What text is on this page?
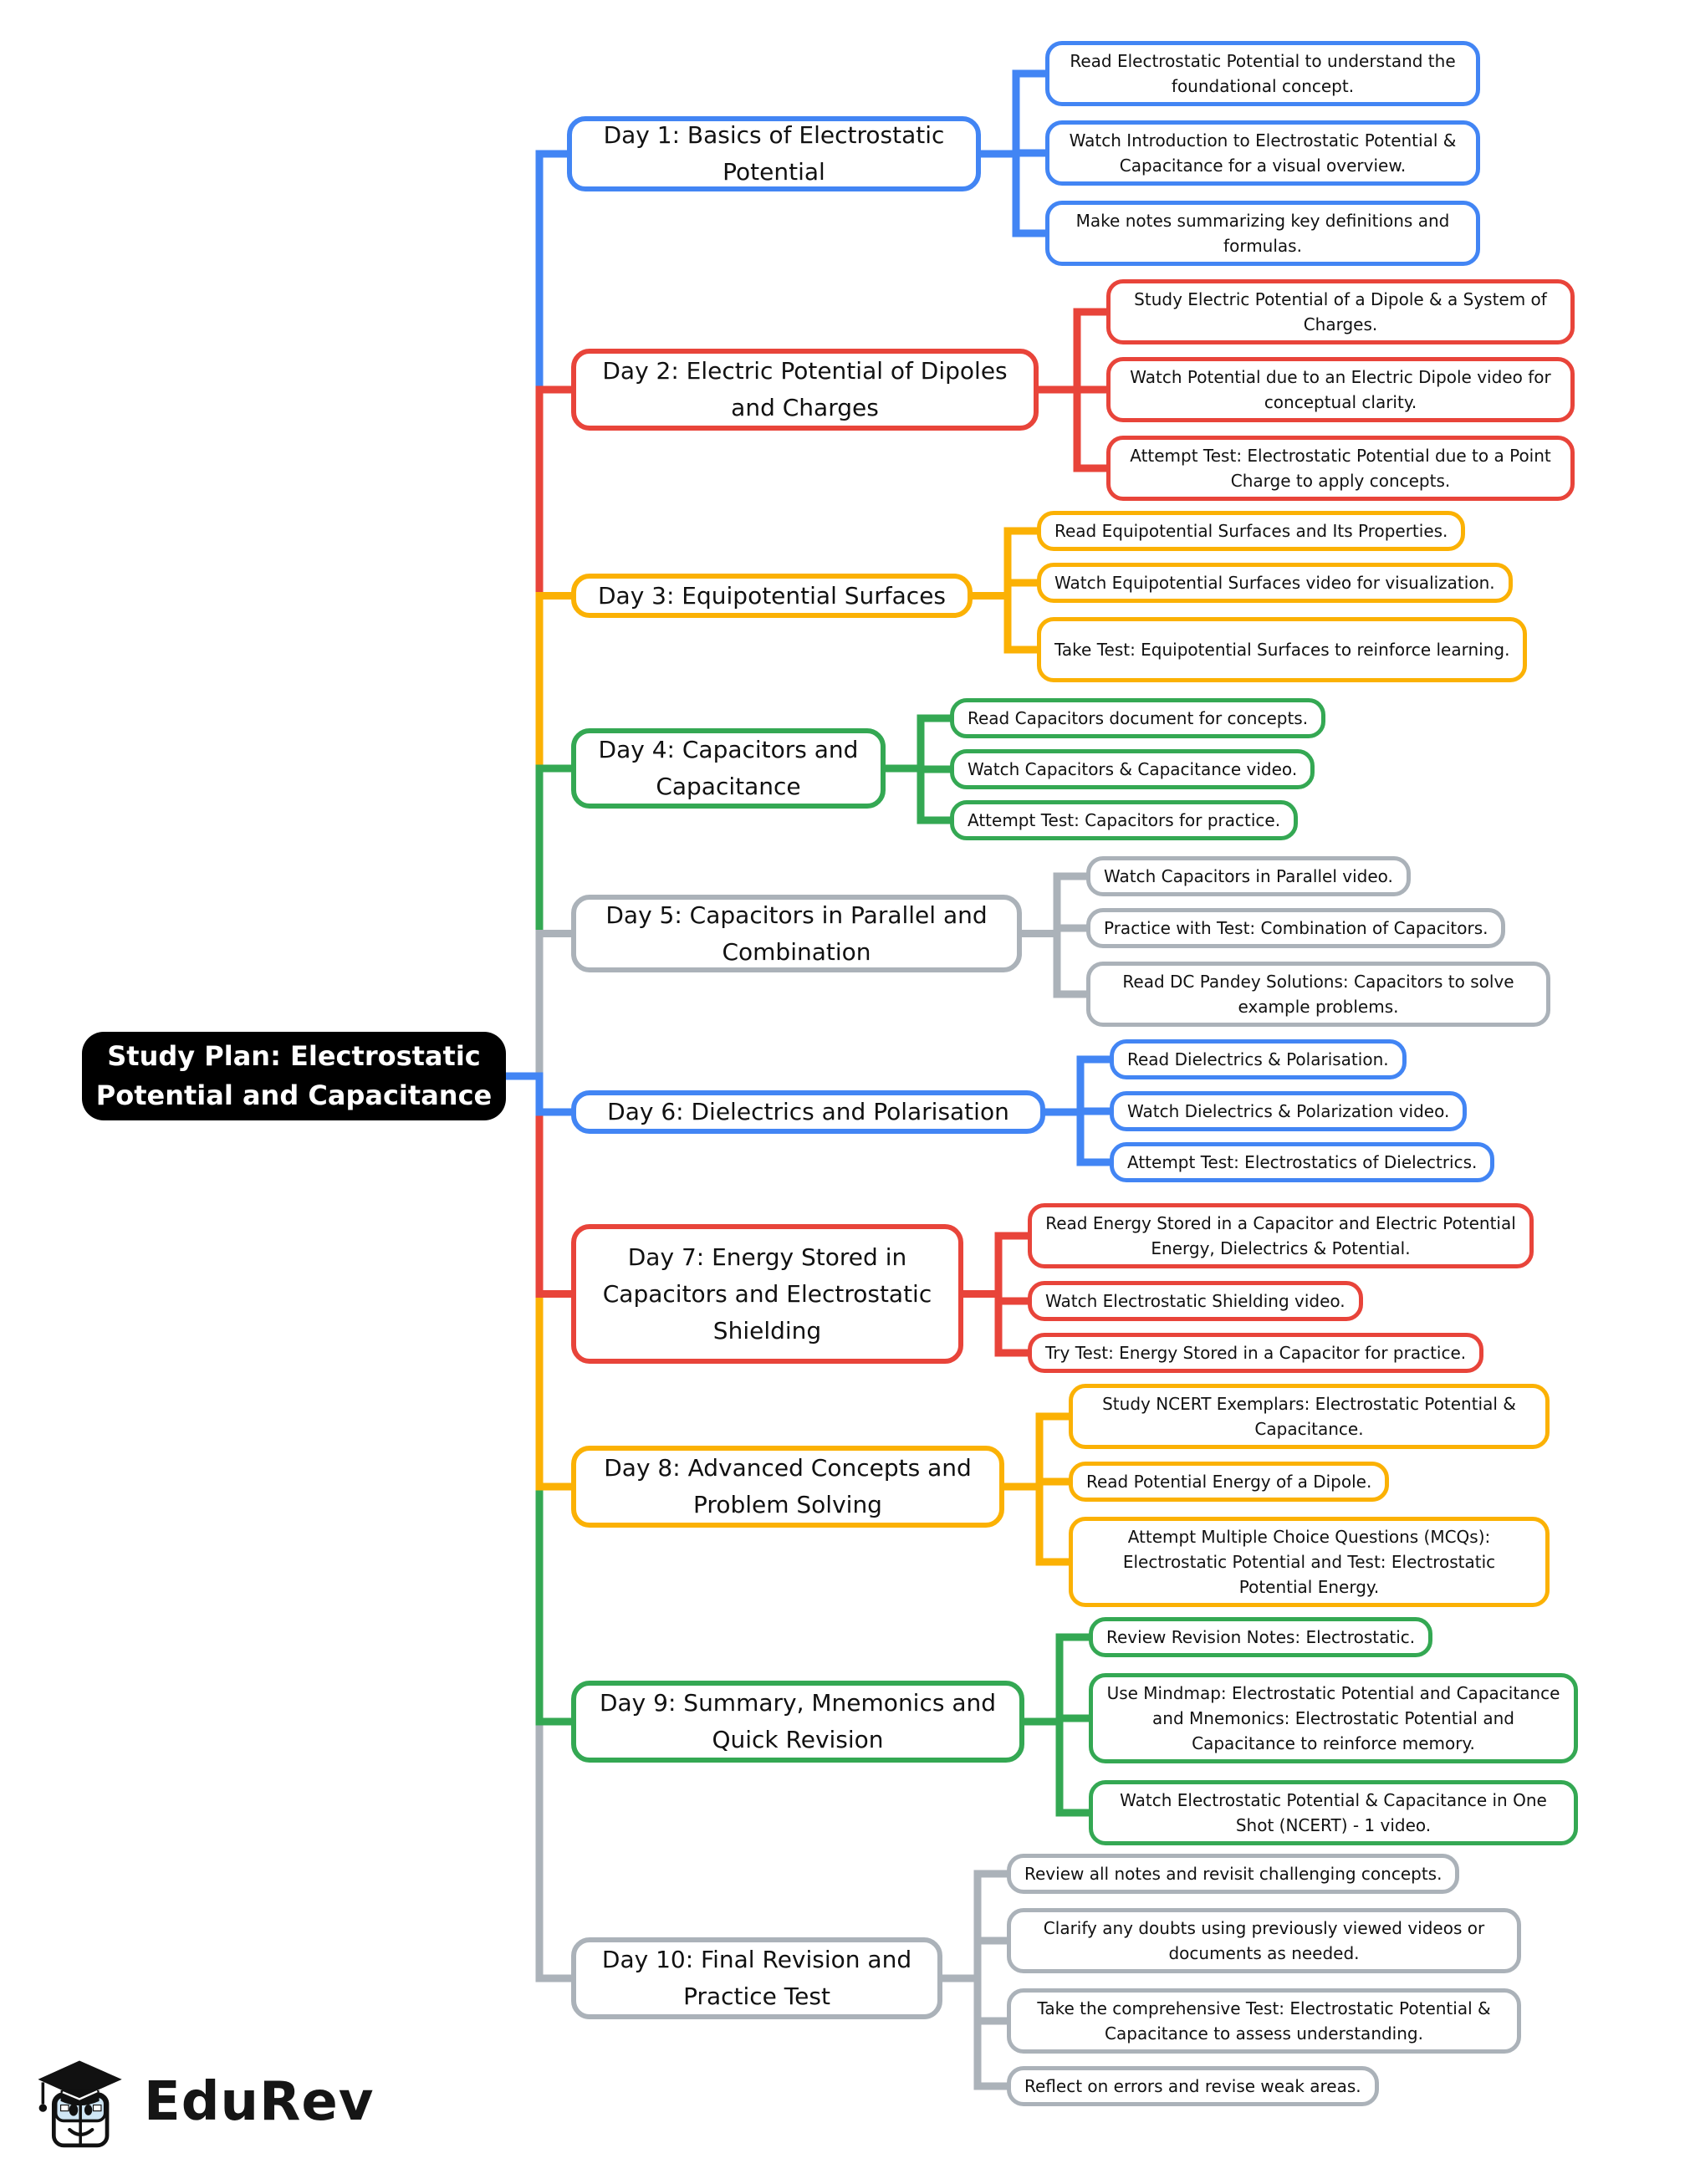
Study Plan: Electrostatic Potential and Capacitance
Day 1: Basics of Electrostatic Potential
Read Electrostatic Potential to understand the foundational concept.
Watch Introduction to Electrostatic Potential & Capacitance for a visual overview.
Make notes summarizing key definitions and formulas.
Day 2: Electric Potential of Dipoles and Charges
Study Electric Potential of a Dipole & a System of Charges.
Watch Potential due to an Electric Dipole video for conceptual clarity.
Attempt Test: Electrostatic Potential due to a Point Charge to apply concepts.
Day 3: Equipotential Surfaces
Read Equipotential Surfaces and Its Properties.
Watch Equipotential Surfaces video for visualization.
Take Test: Equipotential Surfaces to reinforce learning.
Day 4: Capacitors and Capacitance
Read Capacitors document for concepts.
Watch Capacitors & Capacitance video.
Attempt Test: Capacitors for practice.
Day 5: Capacitors in Parallel and Combination
Watch Capacitors in Parallel video.
Practice with Test: Combination of Capacitors.
Read DC Pandey Solutions: Capacitors to solve example problems.
Day 6: Dielectrics and Polarisation
Read Dielectrics & Polarisation.
Watch Dielectrics & Polarization video.
Attempt Test: Electrostatics of Dielectrics.
Day 7: Energy Stored in Capacitors and Electrostatic Shielding
Read Energy Stored in a Capacitor and Electric Potential Energy, Dielectrics & Potential.
Watch Electrostatic Shielding video.
Try Test: Energy Stored in a Capacitor for practice.
Day 8: Advanced Concepts and Problem Solving
Study NCERT Exemplars: Electrostatic Potential & Capacitance.
Read Potential Energy of a Dipole.
Attempt Multiple Choice Questions (MCQs): Electrostatic Potential and Test: Electrostatic Potential Energy.
Day 9: Summary, Mnemonics and Quick Revision
Review Revision Notes: Electrostatic.
Use Mindmap: Electrostatic Potential and Capacitance and Mnemonics: Electrostatic Potential and Capacitance to reinforce memory.
Watch Electrostatic Potential & Capacitance in One Shot (NCERT) - 1 video.
Day 10: Final Revision and Practice Test
Review all notes and revisit challenging concepts.
Clarify any doubts using previously viewed videos or documents as needed.
Take the comprehensive Test: Electrostatic Potential & Capacitance to assess understanding.
Reflect on errors and revise weak areas.
EduRev
